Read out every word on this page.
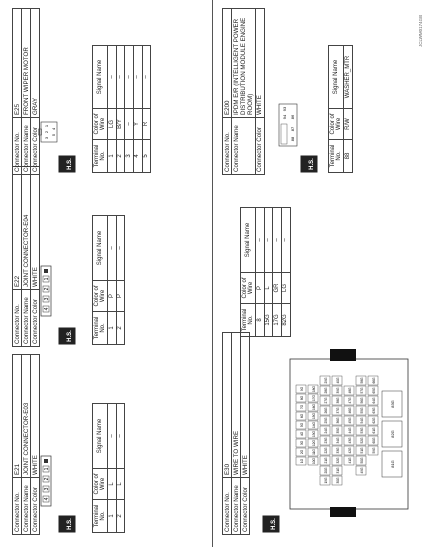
Connector No.	E21
Connector Name	JOINT CONNECTOR-E03
Connector Color	WHITE
4
3
2
1
H.S.	Terminal No.	Color of Wire	Signal Name
1	L	–
2	L	–
Connector No.	E22
Connector Name	JOINT CONNECTOR-E04
Connector Color	WHITE
4
3
2
1
H.S.	Terminal No.	Color of Wire	Signal Name
1	P	–
2	P	–
Connector No.	E25
Connector Name	FRONT WIPER MOTOR
Connector Color	GRAY
3
2
1
5
4
H.S.	Terminal No.	Color of Wire	Signal Name
1	LG	–
2	B/Y	–
3	–	–
4	Y	–
5	R	–
Connector No.	E30
Connector Name	WIRE TO WIRE
Connector Color	WHITE
H.S.
1G
2G
3G
4G
5G
6G
7G
8G
9G
10G
11G
12G
13G
14G
15G
16G
17G
18G
19G
20G
21G
22G
23G
24G
25G
26G
27G
28G
29G
30G
31G
32G
33G
34G
35G
36G
37G
38G
39G
40G
41G
42G
43G
44G
45G
46G
47G
48G
49G
50G
51G
52G
53G
54G
55G
56G
57G
58G
59G
60G
61G
62G
63G
64G
65G
66G
81G
82G
83G
Terminal No.	Color of Wire	Signal Name
8	P	–
15G	L	–
17G	GR	–
82G	LG	–
Connector No.	E200
Connector Name	IPDM E/R (INTELLIGENT POWER DISTRIBUTION MODULE ENGINE ROOM)
Connector Color	WHITE
94
93
88
87
86
H.S. Terminal No.	Color of Wire	Signal Name
88	R/W	WASHER_MTR
JCLWM0174GB
